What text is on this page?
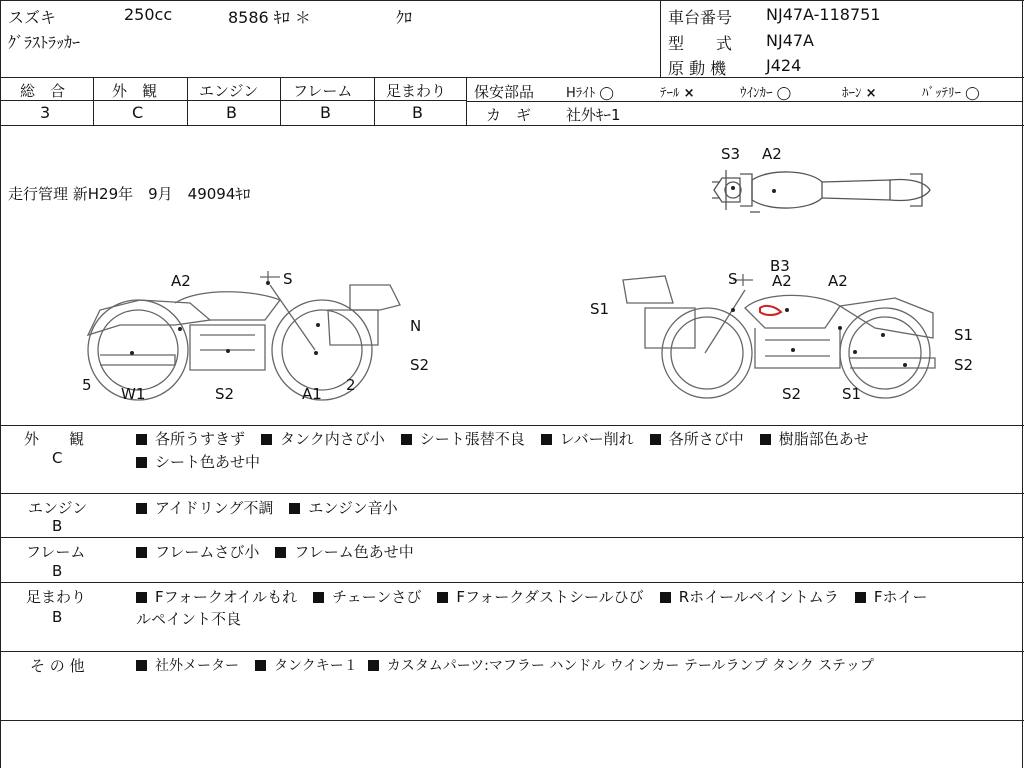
スズキ	250cc	8586 ｷﾛ ＊	ｸﾛ
ｸﾞﾗｽﾄﾗｯｶｰ
車台番号 NJ47A-118751
型　　式 NJ47A
原 動 機 J424
総　合
3
外　観
C
エンジン
B
フレーム
B
足まわり
B
保安部品 Hﾗｲﾄ ◯	ﾃｰﾙ ×	ｳｲﾝｶｰ ◯	ﾎｰﾝ ×	ﾊﾞｯﾃﾘｰ ◯
カ　ギ 社外ｷｰ1
走行管理 新H29年　9月　49094ｷﾛ
S3 A2
A2	S
N
S2
5 W1	S2	A1 2
S
B3
A2 A2
S1
S1
S2
S2	S1
外　　観
C
各所うすきず タンク内さび小 シート張替不良 レバー削れ 各所さび中 樹脂部色あせ
シート色あせ中
エンジン
B
アイドリング不調 エンジン音小
フレーム
B
フレームさび小 フレーム色あせ中
足まわり
B
Fフォークオイルもれ チェーンさび Fフォークダストシールひび Rホイールペイントムラ Fホイー
ルペイント不良
そ の 他	社外メーター	タンクキー１ カスタムパーツ:マフラー ハンドル ウインカー テールランプ タンク ステップ
